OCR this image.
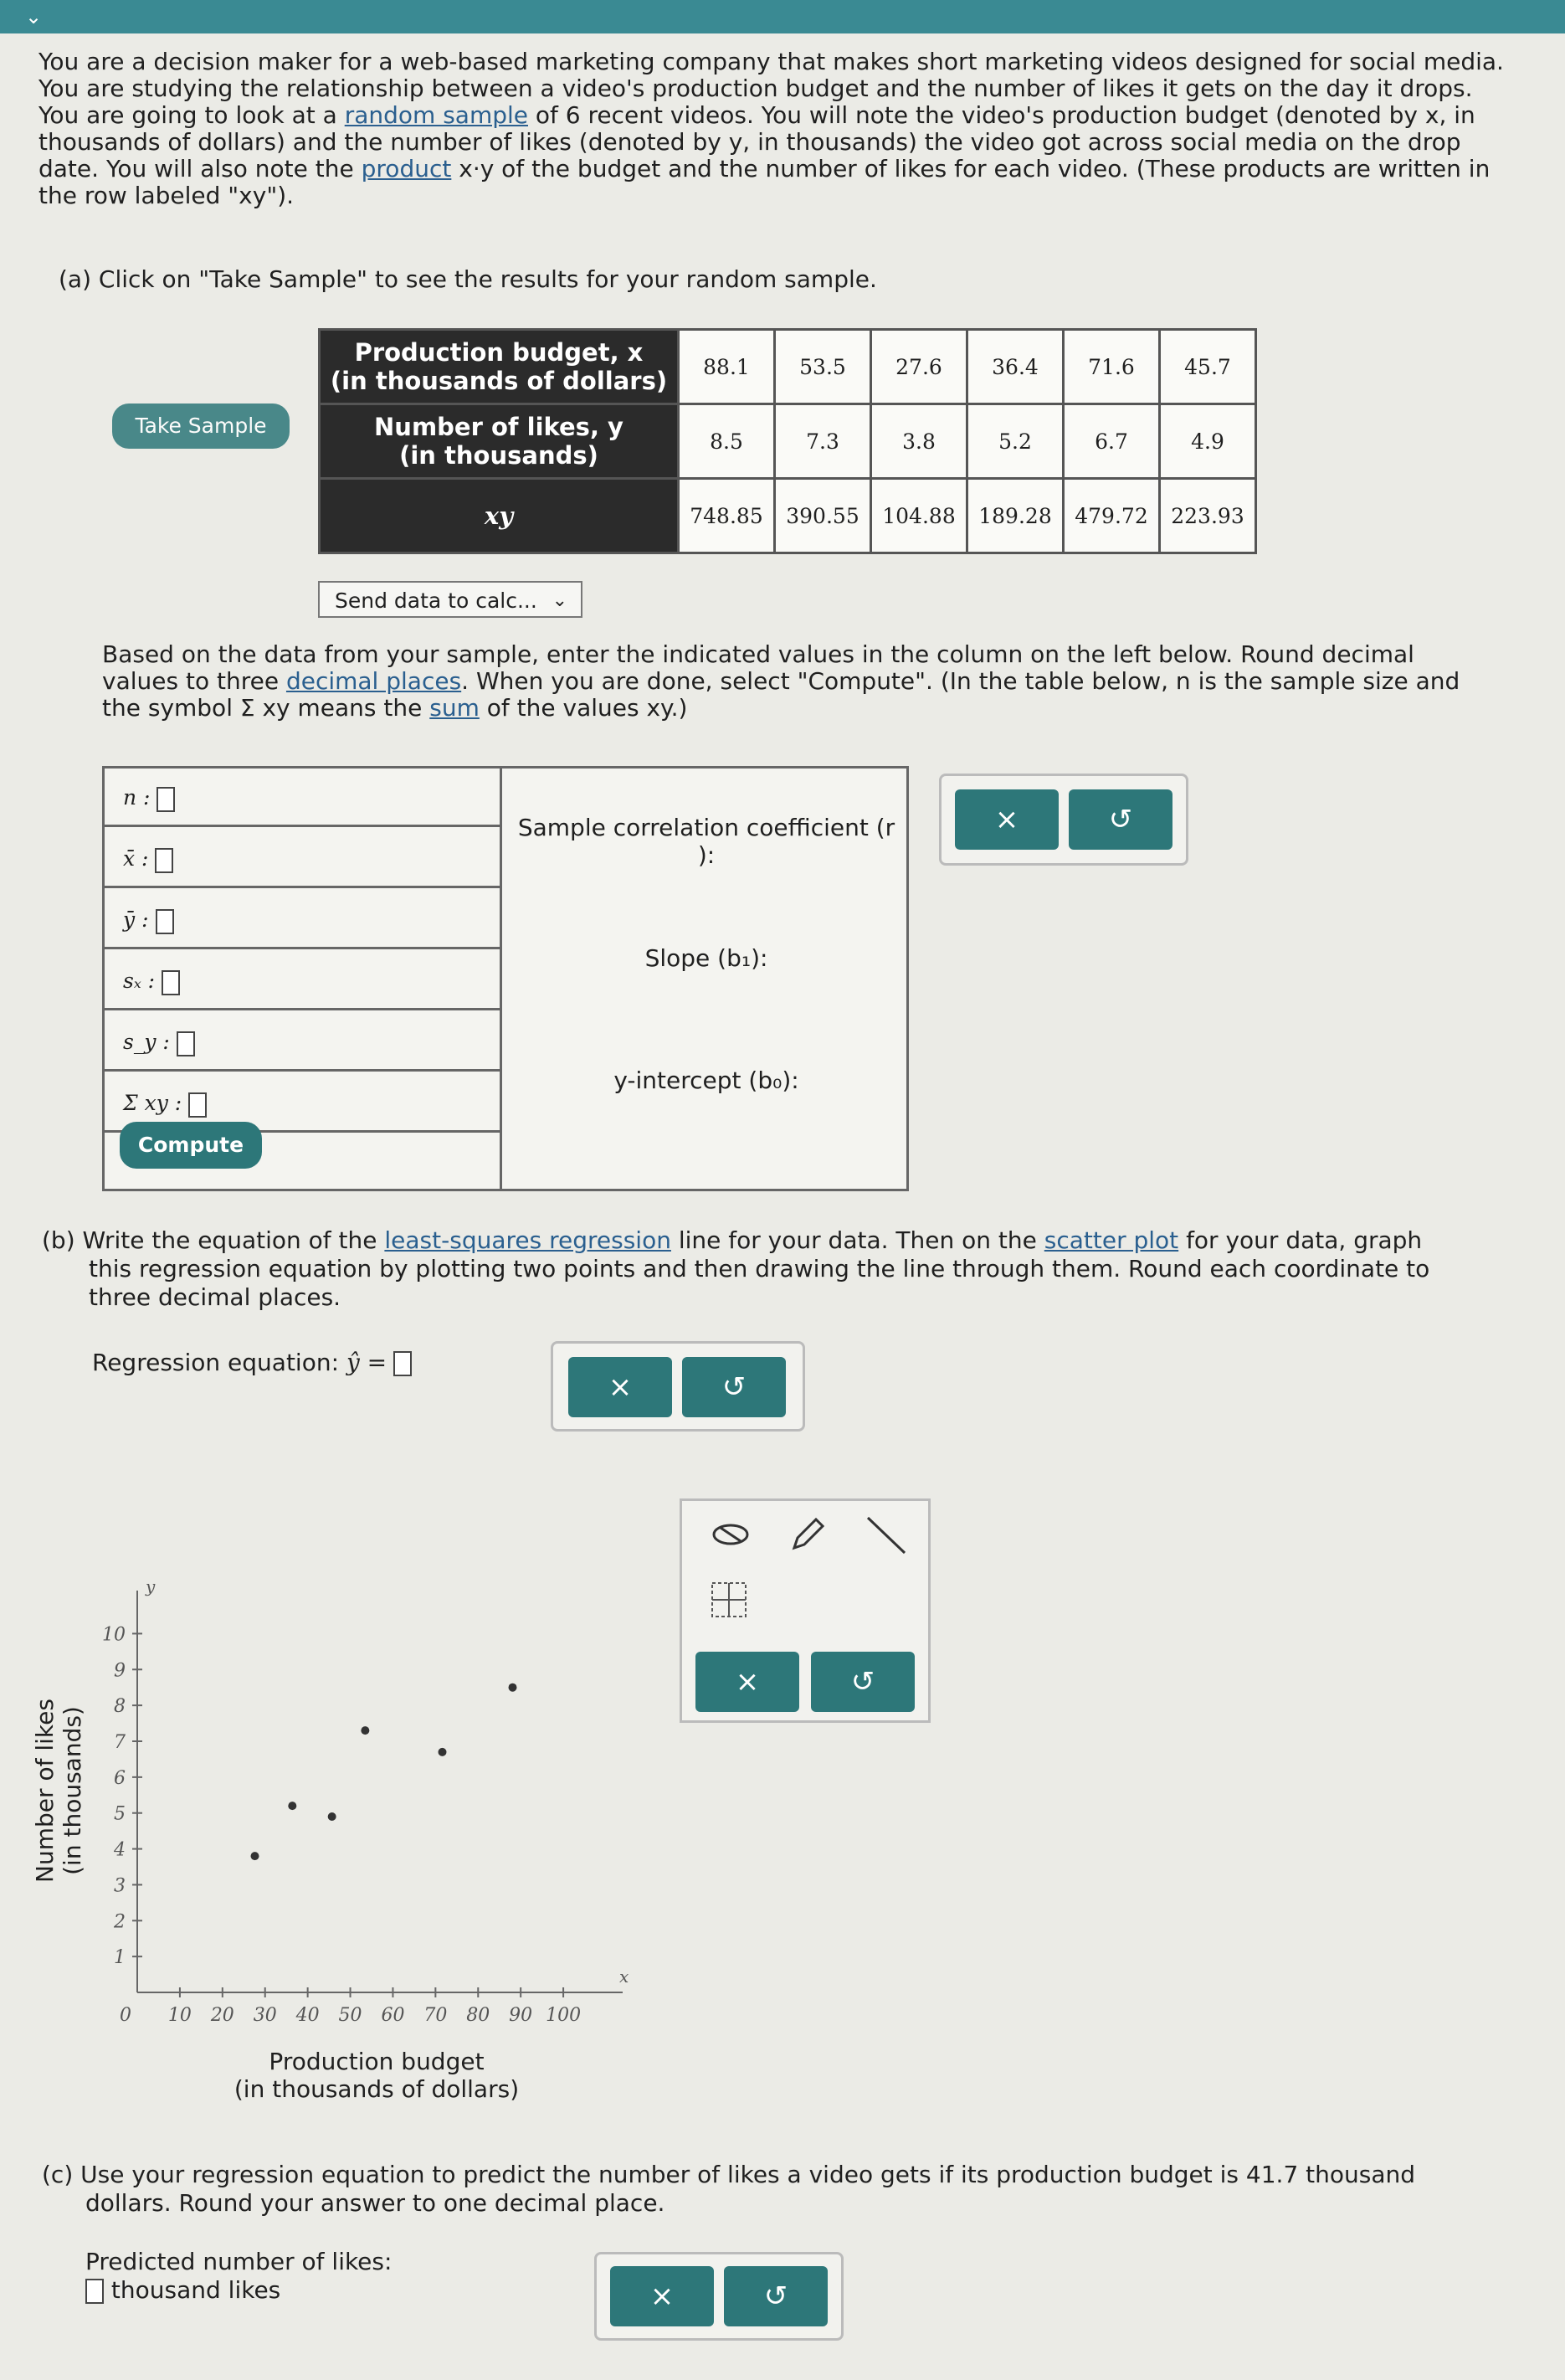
⌄
You are a decision maker for a web-based marketing company that makes short marketing videos designed for social media.
You are studying the relationship between a video's production budget and the number of likes it gets on the day it drops.
You are going to look at a random sample of 6 recent videos. You will note the video's production budget (denoted by x, in
thousands of dollars) and the number of likes (denoted by y, in thousands) the video got across social media on the drop
date. You will also note the product x·y of the budget and the number of likes for each video. (These products are written in
the row labeled "xy").
(a) Click on "Take Sample" to see the results for your random sample.
Take Sample
Production budget, x
(in thousands of dollars)	88.1	53.5	27.6	36.4	71.6	45.7
Number of likes, y
(in thousands)	8.5	7.3	3.8	5.2	6.7	4.9
xy	748.85	390.55	104.88	189.28	479.72	223.93
Send data to calc... ⌄
Based on the data from your sample, enter the indicated values in the column on the left below. Round decimal
values to three decimal places. When you are done, select "Compute". (In the table below, n is the sample size and
the symbol Σ xy means the sum of the values xy.)
n :
x̄ :
ȳ :
sₓ :
s_y :
Σ xy :
Compute
Sample correlation coefficient (r
):
Slope (b₁):
y-intercept (b₀):
×	↺
(b) Write the equation of the least-squares regression line for your data. Then on the scatter plot for your data, graph
this regression equation by plotting two points and then drawing the line through them. Round each coordinate to
three decimal places.
Regression equation: ŷ =
×	↺
0 10 20 30 40 50 60 70 80 90 100
1
2
3
4
5
6
7
8
9
10
x
y
Production budget
(in thousands of dollars)
Number of likes
(in thousands)
×	↺
(c) Use your regression equation to predict the number of likes a video gets if its production budget is 41.7 thousand
dollars. Round your answer to one decimal place.
Predicted number of likes:
thousand likes	×	↺
